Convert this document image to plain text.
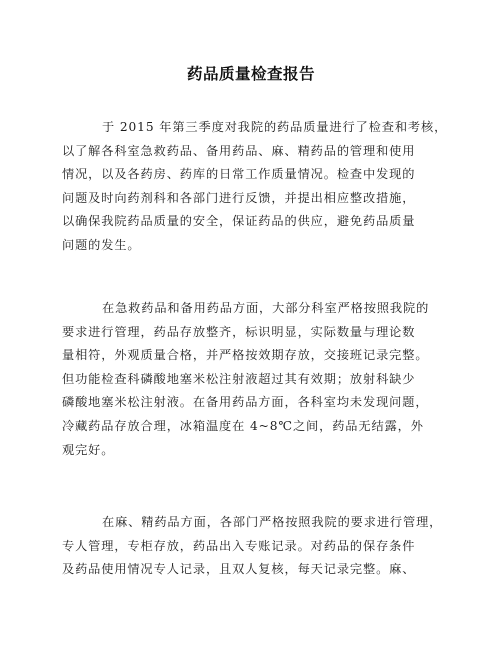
药品质量检查报告
于 2015 年第三季度对我院的药品质量进行了检查和考核，
以了解各科室急救药品、备用药品、麻、精药品的管理和使用
情况，以及各药房、药库的日常工作质量情况。检查中发现的
问题及时向药剂科和各部门进行反馈，并提出相应整改措施，
以确保我院药品质量的安全，保证药品的供应，避免药品质量
问题的发生。
在急救药品和备用药品方面，大部分科室严格按照我院的
要求进行管理，药品存放整齐，标识明显，实际数量与理论数
量相符，外观质量合格，并严格按效期存放，交接班记录完整。
但功能检查科磷酸地塞米松注射液超过其有效期；放射科缺少
磷酸地塞米松注射液。在备用药品方面，各科室均未发现问题，
冷藏药品存放合理，冰箱温度在 4~8℃之间，药品无结露，外
观完好。
在麻、精药品方面，各部门严格按照我院的要求进行管理，
专人管理，专柜存放，药品出入专账记录。对药品的保存条件
及药品使用情况专人记录，且双人复核，每天记录完整。麻、
